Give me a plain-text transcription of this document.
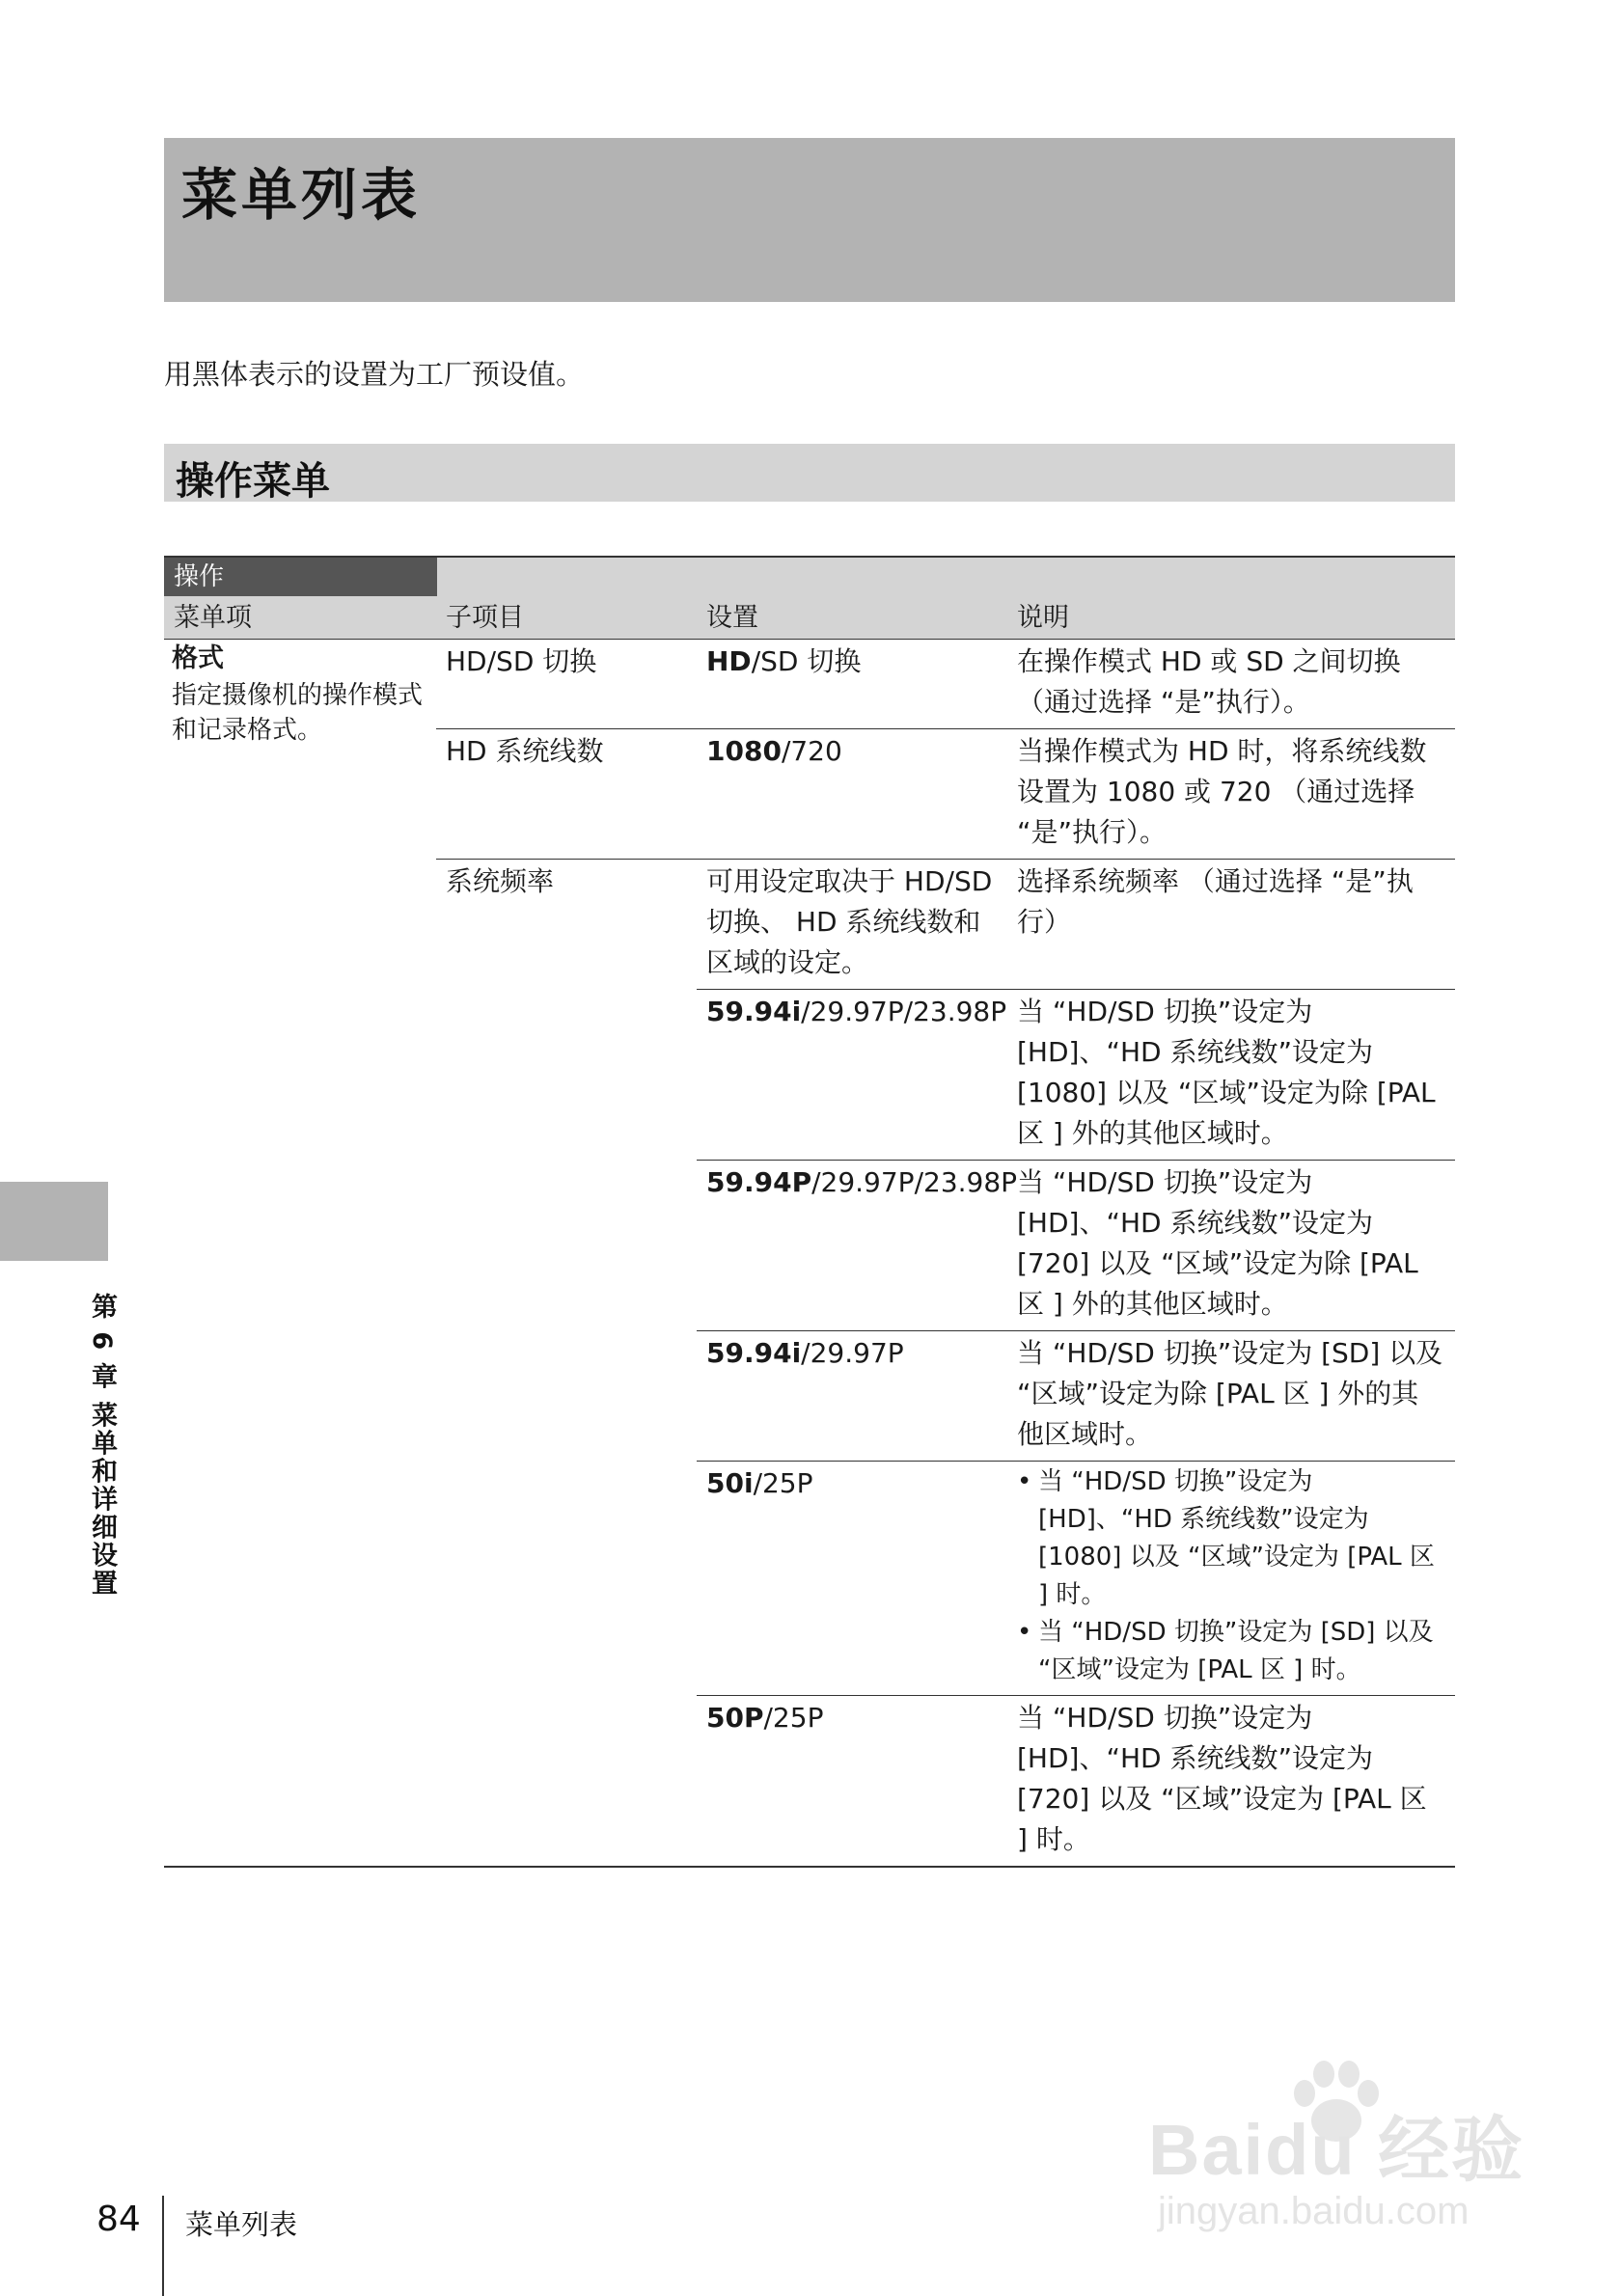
菜单列表
用黑体表示的设置为工厂预设值。
操作菜单
操作
菜单项	子项目	设置	说明
格式
指定摄像机的操作模式和记录格式。
HD/SD 切换	HD/SD 切换	在操作模式 HD 或 SD 之间切换（通过选择 “是”执行）。
HD 系统线数	1080/720	当操作模式为 HD 时，将系统线数设置为 1080 或 720 （通过选择 “是”执行）。
系统频率	可用设定取决于 HD/SD 切换、 HD 系统线数和区域的设定。
选择系统频率 （通过选择 “是”执行）
59.94i/29.97P/23.98P 当 “HD/SD 切换”设定为 [HD]、“HD 系统线数”设定为 [1080] 以及 “区域”设定为除 [PAL 区 ] 外的其他区域时。
59.94P/29.97P/23.98P 当 “HD/SD 切换”设定为 [HD]、“HD 系统线数”设定为 [720] 以及 “区域”设定为除 [PAL 区 ] 外的其他区域时。
59.94i/29.97P	当 “HD/SD 切换”设定为 [SD] 以及 “区域”设定为除 [PAL 区 ] 外的其他区域时。
50i/25P
•	当 “HD/SD 切换”设定为 [HD]、“HD 系统线数”设定为 [1080] 以及 “区域”设定为 [PAL 区 ] 时。
• 当 “HD/SD 切换”设定为 [SD] 以及 “区域”设定为 [PAL 区 ] 时。
50P/25P	当 “HD/SD 切换”设定为 [HD]、“HD 系统线数”设定为 [720] 以及 “区域”设定为 [PAL 区 ] 时。
第 6 章 菜单和详细设置
84 菜单列表
Baidu 经验
jingyan.baidu.com
